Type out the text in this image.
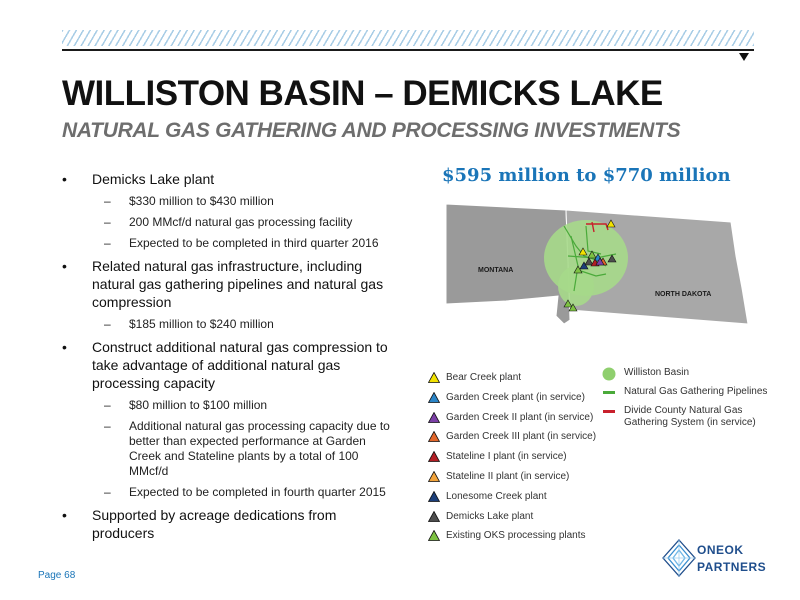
WILLISTON BASIN – DEMICKS LAKE
NATURAL GAS GATHERING AND PROCESSING INVESTMENTS
• Demicks Lake plant
– $330 million to $430 million
– 200 MMcf/d natural gas processing facility
– Expected to be completed in third quarter 2016
• Related natural gas infrastructure, including natural gas gathering pipelines and natural gas compression
– $185 million to $240 million
• Construct additional natural gas compression to take advantage of additional natural gas processing capacity
– $80 million to $100 million
– Additional natural gas processing capacity due to better than expected performance at Garden Creek and Stateline plants by a total of 100 MMcf/d
– Expected to be completed in fourth quarter 2015
• Supported by acreage dedications from producers
$595 million to $770 million
MONTANA
NORTH DAKOTA
Bear Creek plant
Garden Creek plant (in service)
Garden Creek II plant (in service)
Garden Creek III plant (in service)
Stateline I plant (in service)
Stateline II plant (in service)
Lonesome Creek plant
Demicks Lake plant
Existing OKS processing plants
Williston Basin
Natural Gas Gathering Pipelines
Divide County Natural Gas Gathering System (in service)
ONEOK
PARTNERS
Page 68
